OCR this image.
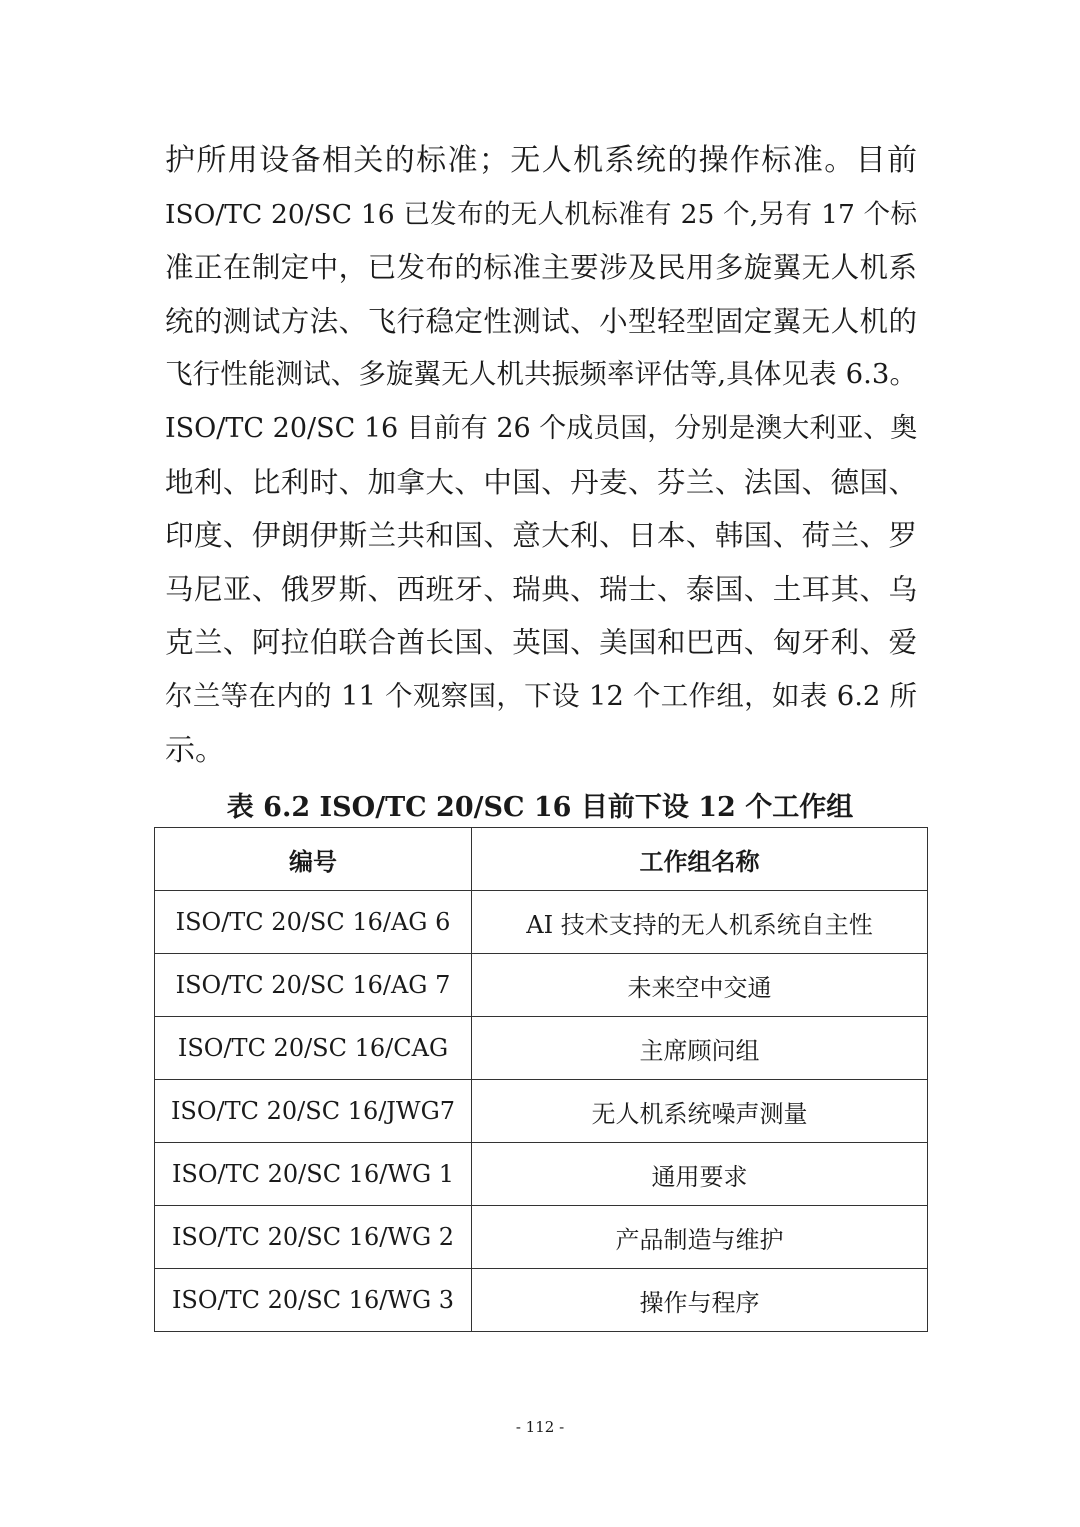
护所用设备相关的标准；无人机系统的操作标准。目前
ISO/TC 20/SC 16 已发布的无人机标准有 25 个,另有 17 个标
准正在制定中，已发布的标准主要涉及民用多旋翼无人机系
统的测试方法、飞行稳定性测试、小型轻型固定翼无人机的
飞行性能测试、多旋翼无人机共振频率评估等,具体见表 6.3。
ISO/TC 20/SC 16 目前有 26 个成员国，分别是澳大利亚、奥
地利、比利时、加拿大、中国、丹麦、芬兰、法国、德国、
印度、伊朗伊斯兰共和国、意大利、日本、韩国、荷兰、罗
马尼亚、俄罗斯、西班牙、瑞典、瑞士、泰国、土耳其、乌
克兰、阿拉伯联合酋长国、英国、美国和巴西、匈牙利、爱
尔兰等在内的 11 个观察国，下设 12 个工作组，如表 6.2 所
示。
表 6.2 ISO/TC 20/SC 16 目前下设 12 个工作组
编号	工作组名称
ISO/TC 20/SC 16/AG 6	AI 技术支持的无人机系统自主性
ISO/TC 20/SC 16/AG 7	未来空中交通
ISO/TC 20/SC 16/CAG	主席顾问组
ISO/TC 20/SC 16/JWG7	无人机系统噪声测量
ISO/TC 20/SC 16/WG 1	通用要求
ISO/TC 20/SC 16/WG 2	产品制造与维护
ISO/TC 20/SC 16/WG 3	操作与程序
- 112 -
